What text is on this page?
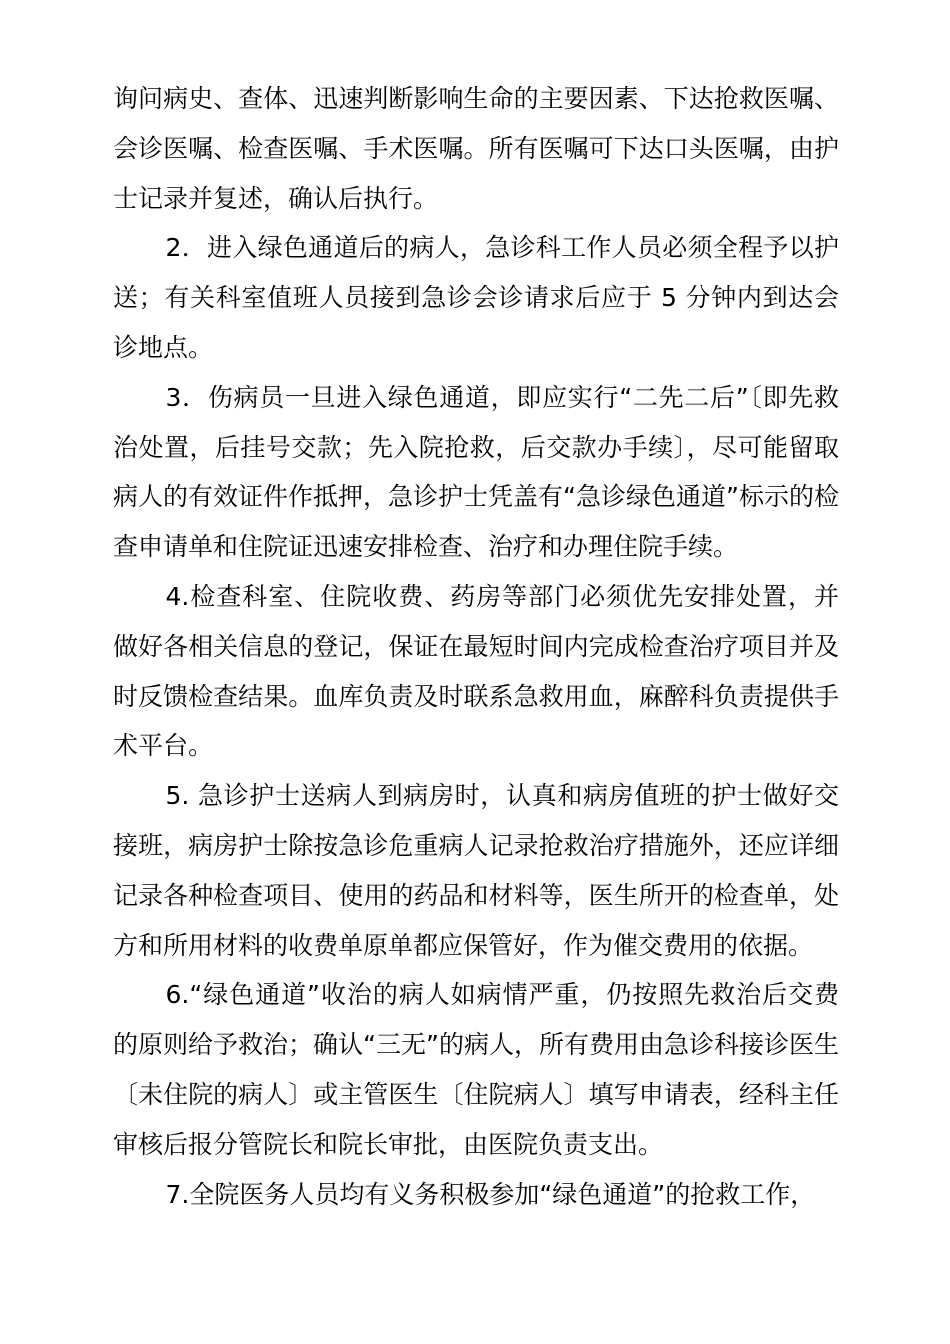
询问病史、查体、迅速判断影响生命的主要因素、下达抢救医嘱、会诊医嘱、检查医嘱、手术医嘱。所有医嘱可下达口头医嘱，由护士记录并复述，确认后执行。

2．进入绿色通道后的病人，急诊科工作人员必须全程予以护送；有关科室值班人员接到急诊会诊请求后应于 5 分钟内到达会诊地点。

3．伤病员一旦进入绿色通道，即应实行“二先二后”〔即先救治处置，后挂号交款；先入院抢救，后交款办手续〕，尽可能留取病人的有效证件作抵押，急诊护士凭盖有“急诊绿色通道”标示的检查申请单和住院证迅速安排检查、治疗和办理住院手续。

4.检查科室、住院收费、药房等部门必须优先安排处置，并做好各相关信息的登记，保证在最短时间内完成检查治疗项目并及时反馈检查结果。血库负责及时联系急救用血，麻醉科负责提供手术平台。

5. 急诊护士送病人到病房时，认真和病房值班的护士做好交接班，病房护士除按急诊危重病人记录抢救治疗措施外，还应详细记录各种检查项目、使用的药品和材料等，医生所开的检查单，处方和所用材料的收费单原单都应保管好，作为催交费用的依据。

6.“绿色通道”收治的病人如病情严重，仍按照先救治后交费的原则给予救治；确认“三无”的病人，所有费用由急诊科接诊医生〔未住院的病人〕或主管医生〔住院病人〕填写申请表，经科主任审核后报分管院长和院长审批，由医院负责支出。

7.全院医务人员均有义务积极参加“绿色通道”的抢救工作，
